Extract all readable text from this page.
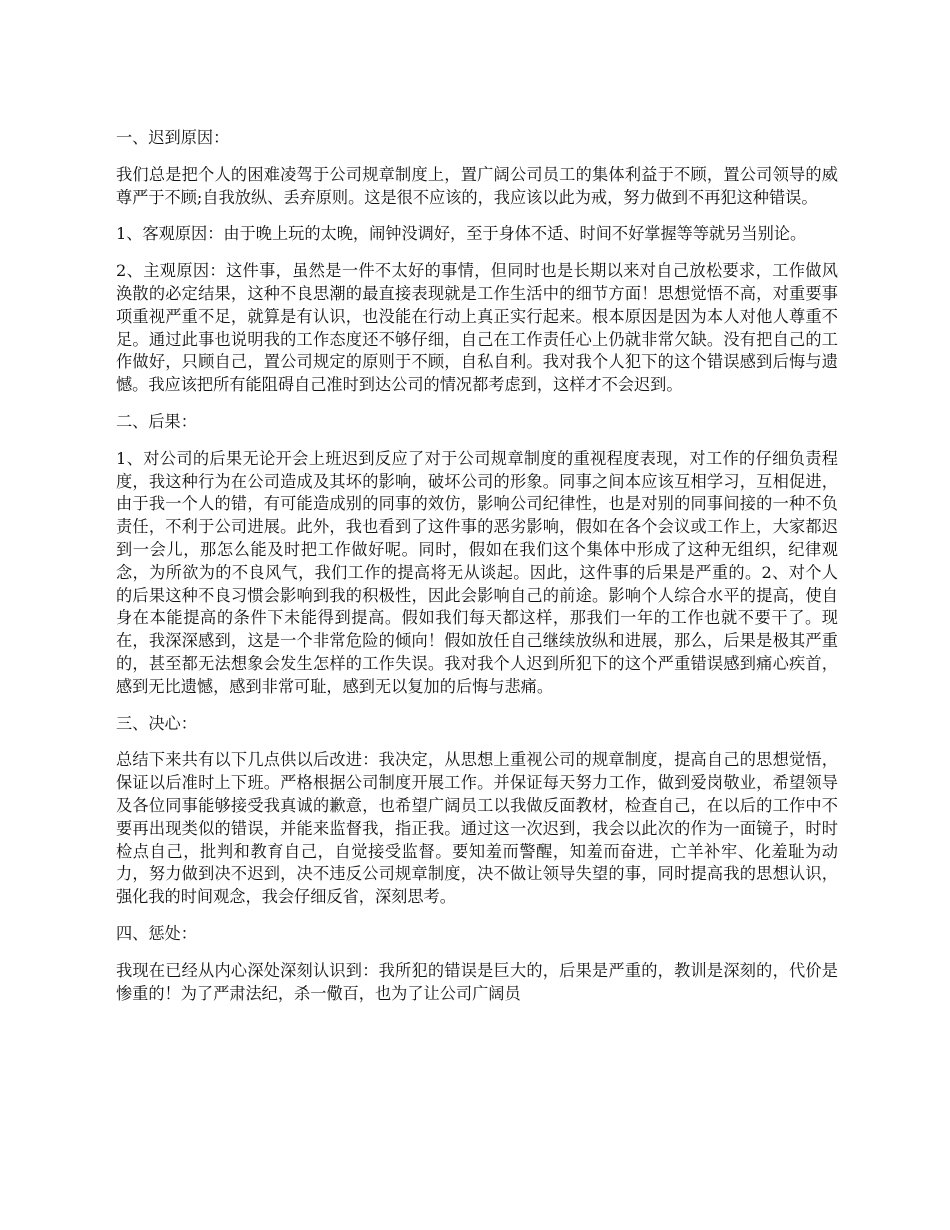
一、迟到原因：
我们总是把个人的困难凌驾于公司规章制度上，置广阔公司员工的集体利益于不顾，置公司领导的威尊严于不顾;自我放纵、丢弃原则。这是很不应该的，我应该以此为戒，努力做到不再犯这种错误。
1、客观原因：由于晚上玩的太晚，闹钟没调好，至于身体不适、时间不好掌握等等就另当别论。
2、主观原因：这件事，虽然是一件不太好的事情，但同时也是长期以来对自己放松要求，工作做风涣散的必定结果，这种不良思潮的最直接表现就是工作生活中的细节方面！思想觉悟不高，对重要事项重视严重不足，就算是有认识，也没能在行动上真正实行起来。根本原因是因为本人对他人尊重不足。通过此事也说明我的工作态度还不够仔细，自己在工作责任心上仍就非常欠缺。没有把自己的工作做好，只顾自己，置公司规定的原则于不顾，自私自利。我对我个人犯下的这个错误感到后悔与遗憾。我应该把所有能阻碍自己准时到达公司的情况都考虑到，这样才不会迟到。
二、后果：
1、对公司的后果无论开会上班迟到反应了对于公司规章制度的重视程度表现，对工作的仔细负责程度，我这种行为在公司造成及其坏的影响，破坏公司的形象。同事之间本应该互相学习，互相促进，由于我一个人的错，有可能造成别的同事的效仿，影响公司纪律性，也是对别的同事间接的一种不负责任，不利于公司进展。此外，我也看到了这件事的恶劣影响，假如在各个会议或工作上，大家都迟到一会儿，那怎么能及时把工作做好呢。同时，假如在我们这个集体中形成了这种无组织，纪律观念，为所欲为的不良风气，我们工作的提高将无从谈起。因此，这件事的后果是严重的。2、对个人的后果这种不良习惯会影响到我的积极性，因此会影响自己的前途。影响个人综合水平的提高，使自身在本能提高的条件下未能得到提高。假如我们每天都这样，那我们一年的工作也就不要干了。现在，我深深感到，这是一个非常危险的倾向！假如放任自己继续放纵和进展，那么，后果是极其严重的，甚至都无法想象会发生怎样的工作失误。我对我个人迟到所犯下的这个严重错误感到痛心疾首，感到无比遗憾，感到非常可耻，感到无以复加的后悔与悲痛。
三、决心：
总结下来共有以下几点供以后改进：我决定，从思想上重视公司的规章制度，提高自己的思想觉悟，保证以后准时上下班。严格根据公司制度开展工作。并保证每天努力工作，做到爱岗敬业，希望领导及各位同事能够接受我真诚的歉意，也希望广阔员工以我做反面教材，检查自己，在以后的工作中不要再出现类似的错误，并能来监督我，指正我。通过这一次迟到，我会以此次的作为一面镜子，时时检点自己，批判和教育自己，自觉接受监督。要知羞而警醒，知羞而奋进，亡羊补牢、化羞耻为动力，努力做到决不迟到，决不违反公司规章制度，决不做让领导失望的事，同时提高我的思想认识，强化我的时间观念，我会仔细反省，深刻思考。
四、惩处：
我现在已经从内心深处深刻认识到：我所犯的错误是巨大的，后果是严重的，教训是深刻的，代价是惨重的！为了严肃法纪，杀一儆百，也为了让公司广阔员
